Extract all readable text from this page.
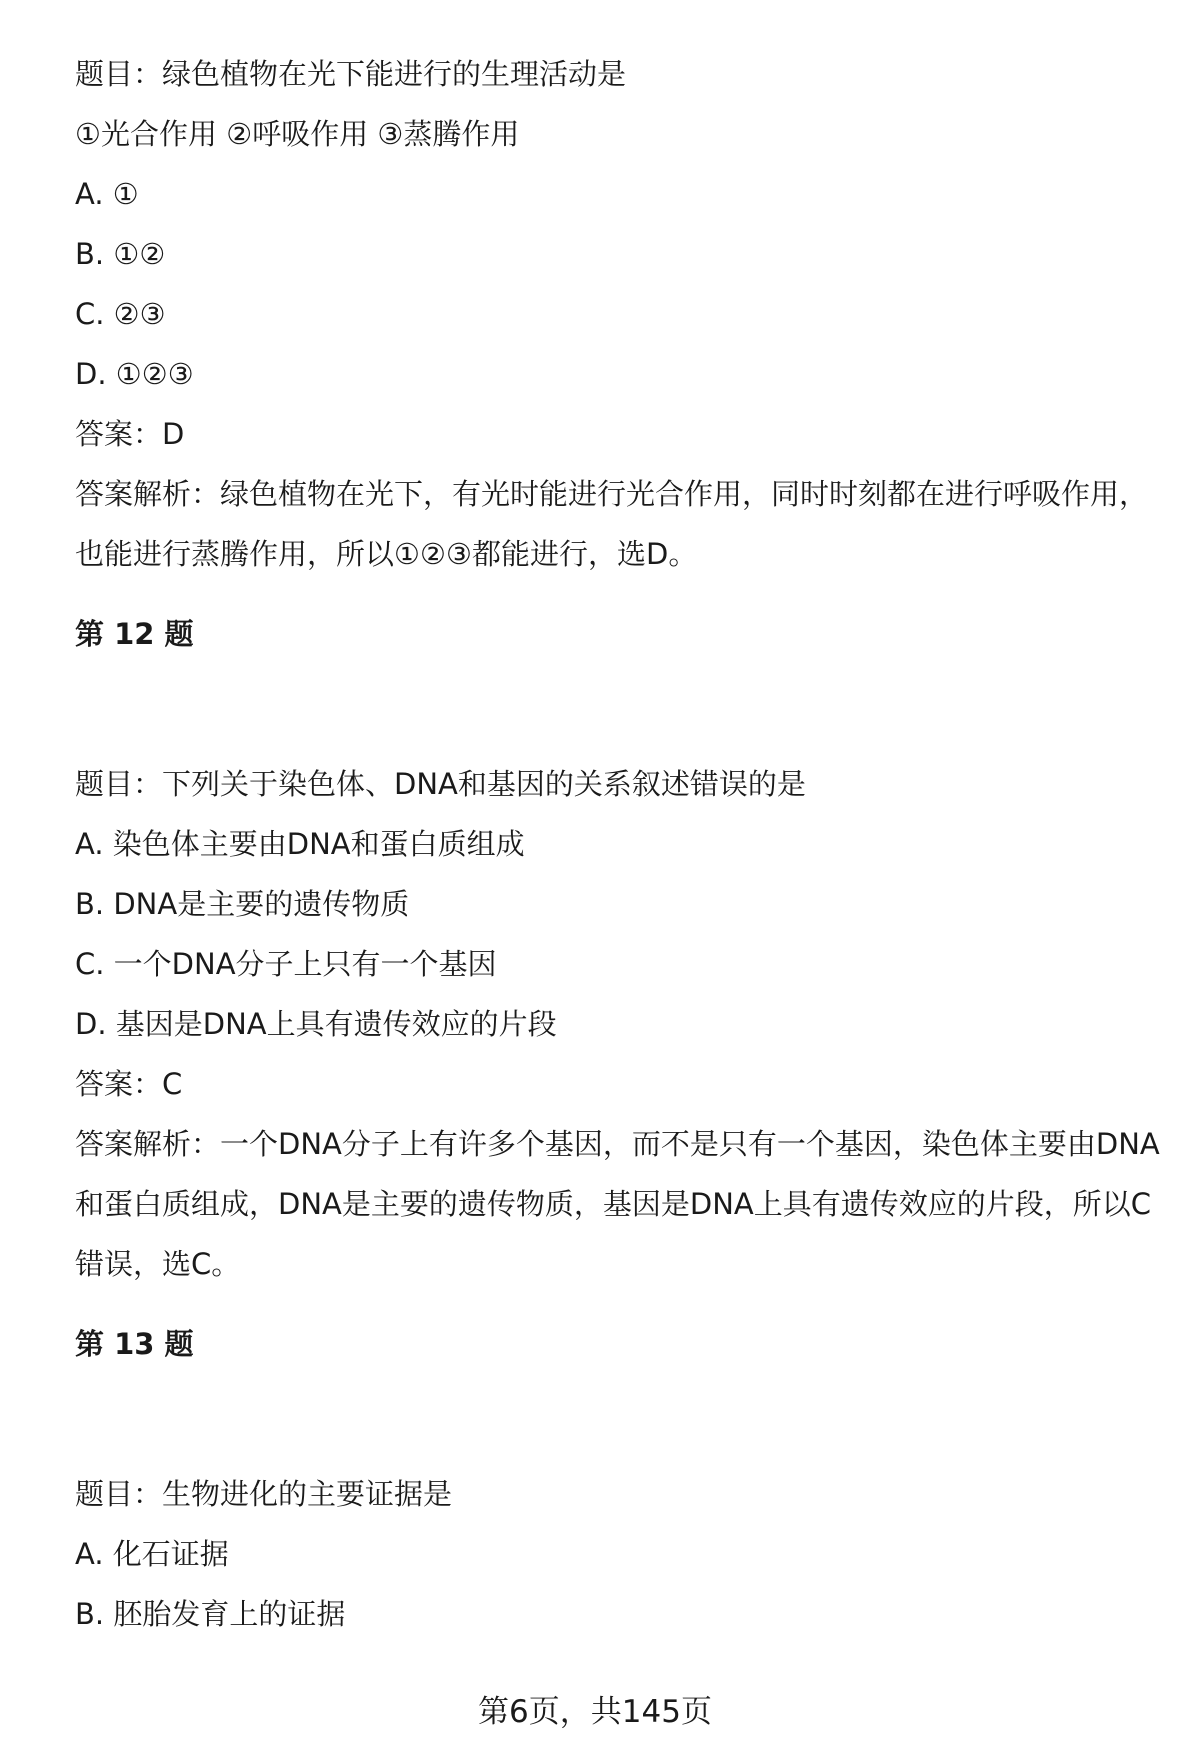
题目：绿色植物在光下能进行的生理活动是
①光合作用 ②呼吸作用 ③蒸腾作用
A. ①
B. ①②
C. ②③
D. ①②③
答案：D
答案解析：绿色植物在光下，有光时能进行光合作用，同时时刻都在进行呼吸作用，也能进行蒸腾作用，所以①②③都能进行，选D。
第 12 题
题目：下列关于染色体、DNA和基因的关系叙述错误的是
A. 染色体主要由DNA和蛋白质组成
B. DNA是主要的遗传物质
C. 一个DNA分子上只有一个基因
D. 基因是DNA上具有遗传效应的片段
答案：C
答案解析：一个DNA分子上有许多个基因，而不是只有一个基因，染色体主要由DNA和蛋白质组成，DNA是主要的遗传物质，基因是DNA上具有遗传效应的片段，所以C错误，选C。
第 13 题
题目：生物进化的主要证据是
A. 化石证据
B. 胚胎发育上的证据
第6页，共145页
